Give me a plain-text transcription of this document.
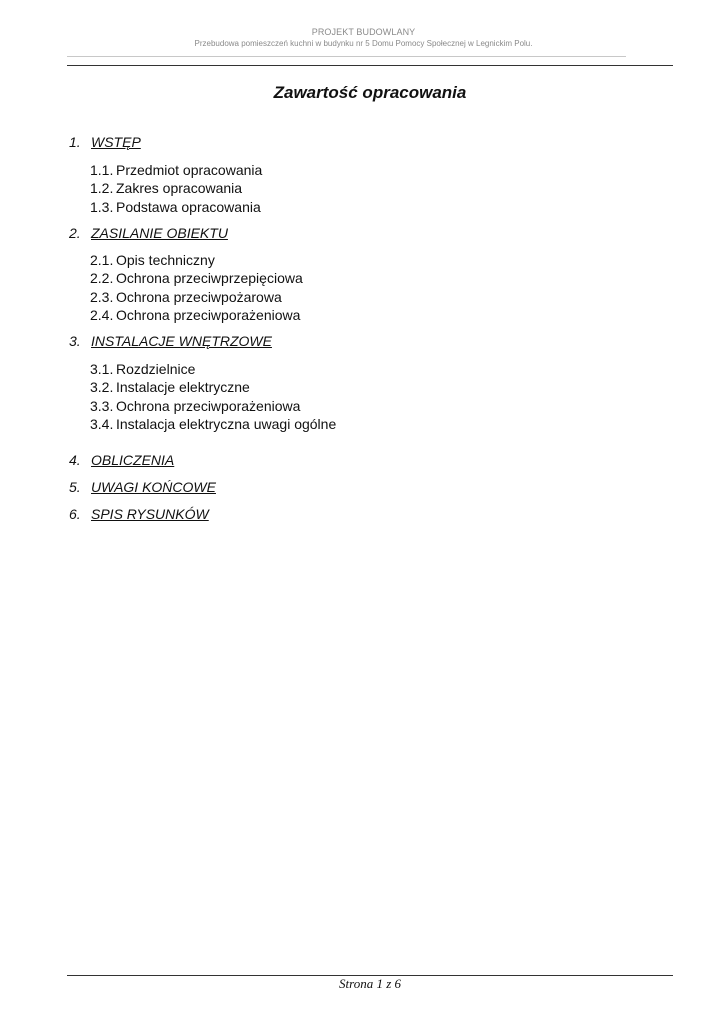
PROJEKT BUDOWLANY
Przebudowa pomieszczeń kuchni w budynku nr 5 Domu Pomocy Społecznej w Legnickim Polu.
Zawartość opracowania
1. WSTĘP
1.1. Przedmiot opracowania
1.2. Zakres opracowania
1.3. Podstawa opracowania
2. ZASILANIE OBIEKTU
2.1. Opis techniczny
2.2. Ochrona przeciwprzepięciowa
2.3. Ochrona przeciwpożarowa
2.4. Ochrona przeciwporażeniowa
3. INSTALACJE WNĘTRZOWE
3.1. Rozdzielnice
3.2. Instalacje elektryczne
3.3. Ochrona przeciwporażeniowa
3.4. Instalacja elektryczna uwagi ogólne
4. OBLICZENIA
5. UWAGI KOŃCOWE
6. SPIS RYSUNKÓW
Strona 1 z 6
